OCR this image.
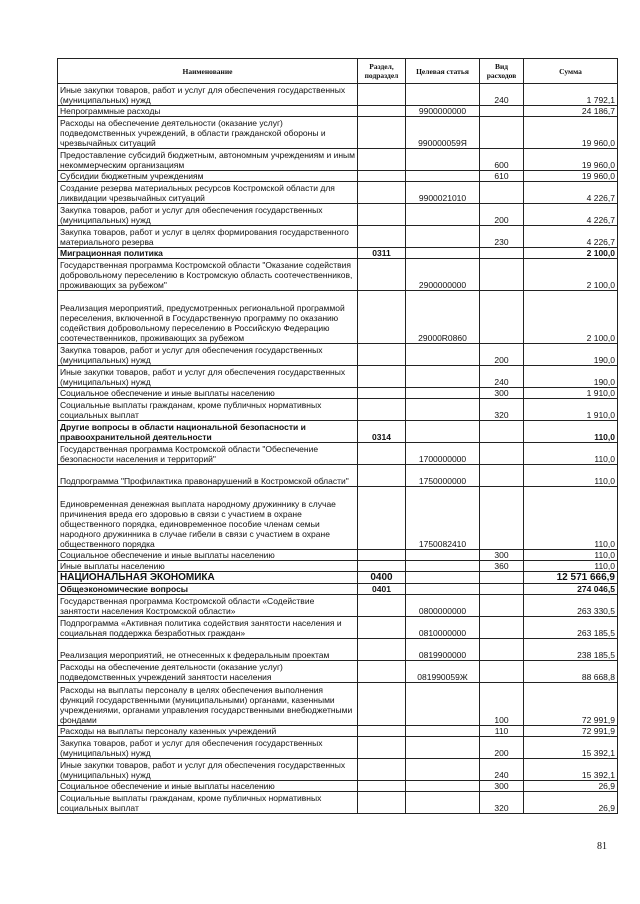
Наименование	Раздел, подраздел	Целевая статья	Вид расходов	Сумма
Иные закупки товаров, работ и услуг для обеспечения государственных (муниципальных) нужд			240	1 792,1
Непрограммные расходы		9900000000		24 186,7
Расходы на обеспечение деятельности (оказание услуг) подведомственных учреждений, в области гражданской обороны и чрезвычайных ситуаций		990000059Я		19 960,0
Предоставление субсидий бюджетным, автономным учреждениям и иным некоммерческим организациям			600	19 960,0
Субсидии бюджетным учреждениям			610	19 960,0
Создание резерва материальных ресурсов Костромской области для ликвидации чрезвычайных ситуаций		9900021010		4 226,7
Закупка товаров, работ и услуг для обеспечения государственных (муниципальных) нужд			200	4 226,7
Закупка товаров, работ и услуг в целях формирования государственного материального резерва			230	4 226,7
Миграционная политика	0311			2 100,0
Государственная программа Костромской области "Оказание содействия добровольному переселению в Костромскую область соотечественников, проживающих за рубежом"		2900000000		2 100,0
Реализация мероприятий, предусмотренных региональной программой переселения, включенной в Государственную программу по оказанию содействия добровольному переселению в Российскую Федерацию соотечественников, проживающих за рубежом		29000R0860		2 100,0
Закупка товаров, работ и услуг для обеспечения государственных (муниципальных) нужд			200	190,0
Иные закупки товаров, работ и услуг для обеспечения государственных (муниципальных) нужд			240	190,0
Социальное обеспечение и иные выплаты населению			300	1 910,0
Социальные выплаты гражданам, кроме публичных нормативных социальных выплат			320	1 910,0
Другие вопросы в области национальной безопасности и правоохранительной деятельности	0314			110,0
Государственная программа Костромской области "Обеспечение безопасности населения и территорий"		1700000000		110,0
Подпрограмма "Профилактика правонарушений в Костромской области"		1750000000		110,0
Единовременная денежная выплата народному дружиннику в случае причинения вреда его здоровью в связи с участием в охране общественного порядка, единовременное пособие членам семьи народного дружинника в случае гибели в связи с участием в охране общественного порядка		1750082410		110,0
Социальное обеспечение и иные выплаты населению			300	110,0
Иные выплаты населению			360	110,0
НАЦИОНАЛЬНАЯ ЭКОНОМИКА	0400			12 571 666,9
Общеэкономические вопросы	0401			274 046,5
Государственная программа Костромской области «Содействие занятости населения Костромской области»		0800000000		263 330,5
Подпрограмма «Активная политика содействия занятости населения и социальная поддержка безработных граждан»		0810000000		263 185,5
Реализация мероприятий, не отнесенных к федеральным проектам		0819900000		238 185,5
Расходы на обеспечение деятельности (оказание услуг) подведомственных учреждений занятости населения		081990059Ж		88 668,8
Расходы на выплаты персоналу в целях обеспечения выполнения функций государственными (муниципальными) органами, казенными учреждениями, органами управления государственными внебюджетными фондами			100	72 991,9
Расходы на выплаты персоналу казенных учреждений			110	72 991,9
Закупка товаров, работ и услуг для обеспечения государственных (муниципальных) нужд			200	15 392,1
Иные закупки товаров, работ и услуг для обеспечения государственных (муниципальных) нужд			240	15 392,1
Социальное обеспечение и иные выплаты населению			300	26,9
Социальные выплаты гражданам, кроме публичных нормативных социальных выплат			320	26,9
81
